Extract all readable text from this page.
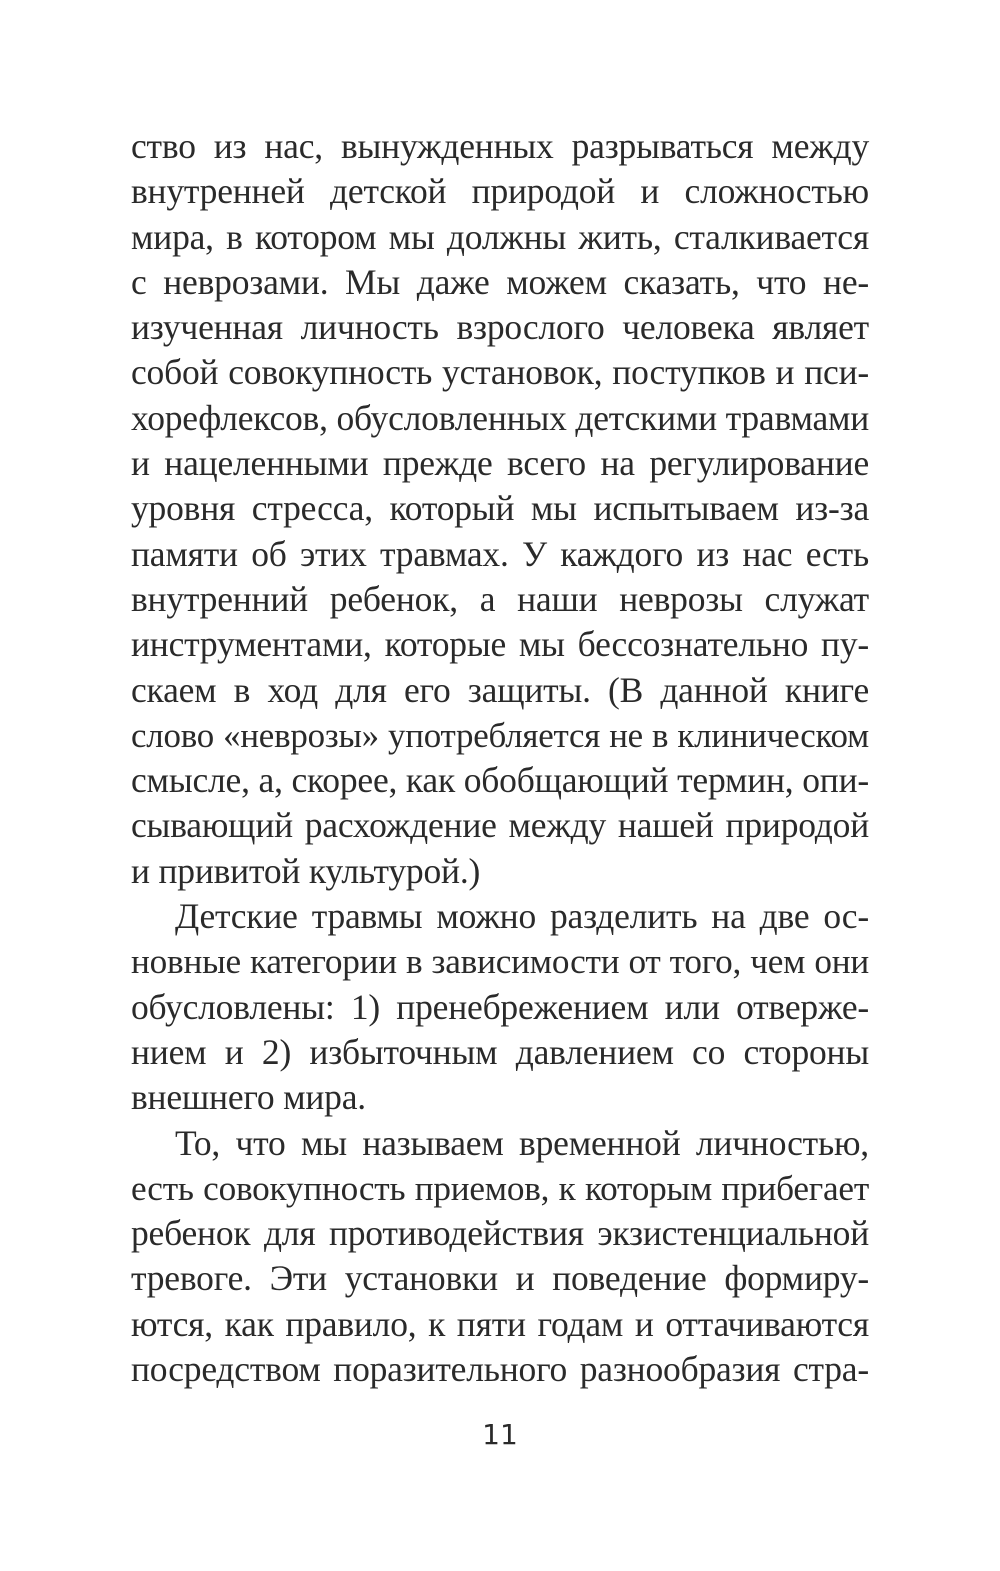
ство из нас, вынужденных разрываться между
внутренней детской природой и сложностью
мира, в котором мы должны жить, сталкивается
с неврозами. Мы даже можем сказать, что не-
изученная личность взрослого человека являет
собой совокупность установок, поступков и пси-
хорефлексов, обусловленных детскими травмами
и нацеленными прежде всего на регулирование
уровня стресса, который мы испытываем из-за
памяти об этих травмах. У каждого из нас есть
внутренний ребенок, а наши неврозы служат
инструментами, которые мы бессознательно пу-
скаем в ход для его защиты. (В данной книге
слово «неврозы» употребляется не в клиническом
смысле, а, скорее, как обобщающий термин, опи-
сывающий расхождение между нашей природой
и привитой культурой.)
Детские травмы можно разделить на две ос-
новные категории в зависимости от того, чем они
обусловлены: 1) пренебрежением или отверже-
нием и 2) избыточным давлением со стороны
внешнего мира.
То, что мы называем временной личностью,
есть совокупность приемов, к которым прибегает
ребенок для противодействия экзистенциальной
тревоге. Эти установки и поведение формиру-
ются, как правило, к пяти годам и оттачиваются
посредством поразительного разнообразия стра-
11
